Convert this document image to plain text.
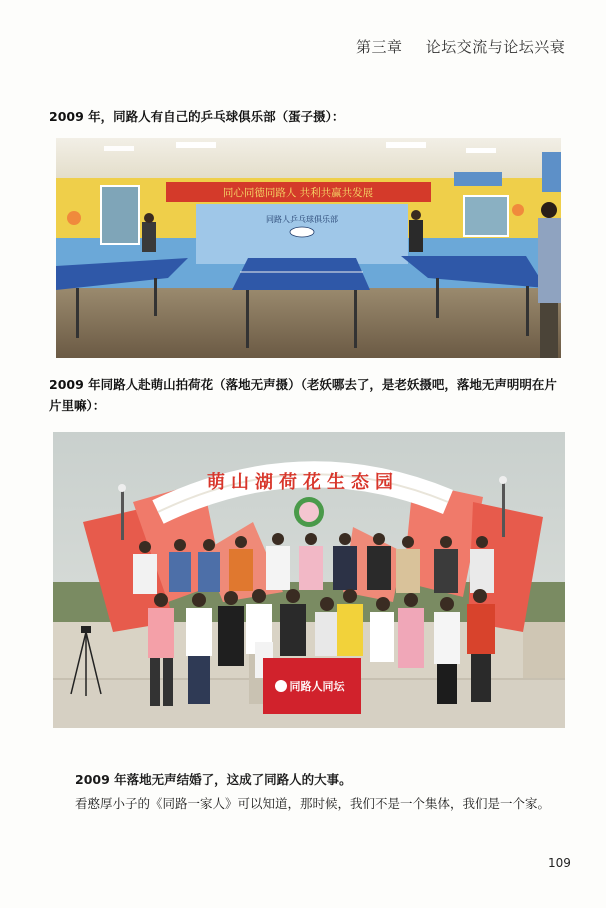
第三章 论坛交流与论坛兴衰
2009 年，同路人有自己的乒乓球俱乐部（蛋子摄）：
同心同德同路人 共利共赢共发展
同路人乒乓球俱乐部
2009 年同路人赴萌山拍荷花（落地无声摄）（老妖哪去了，是老妖摄吧，落地无声明明在片片里嘛）：
萌山湖荷花生态园
同路人同坛
2009 年落地无声结婚了，这成了同路人的大事。
看憨厚小子的《同路一家人》可以知道，那时候，我们不是一个集体，我们是一个家。
109
